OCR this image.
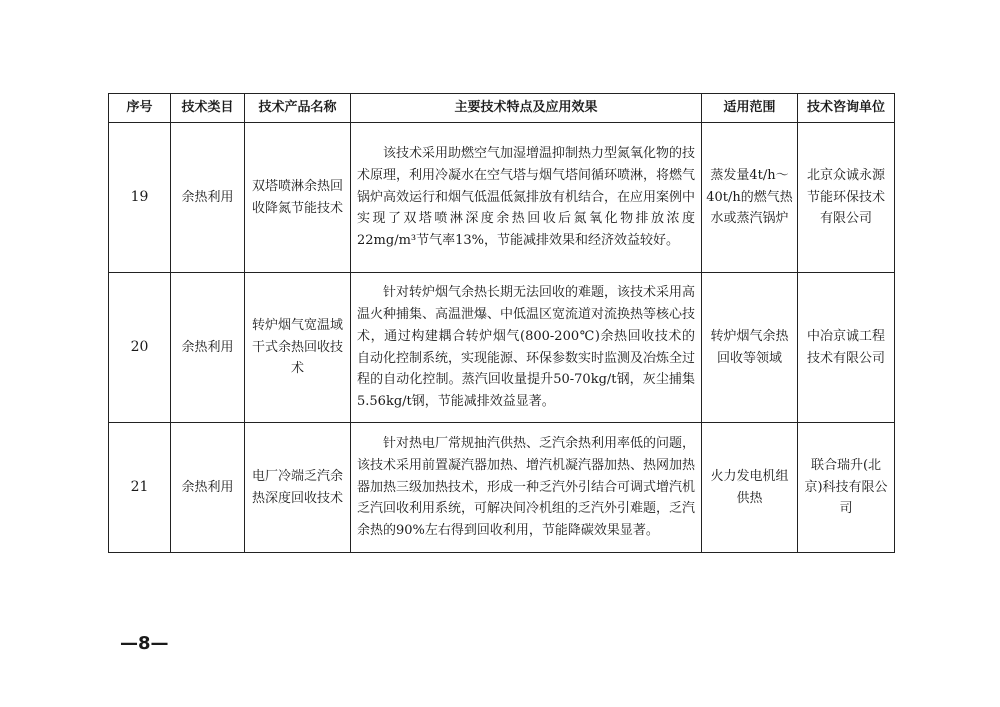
序号	技术类目	技术产品名称	主要技术特点及应用效果	适用范围	技术咨询单位
19	余热利用	双塔喷淋余热回收降氮节能技术	该技术采用助燃空气加湿增温抑制热力型氮氧化物的技术原理，利用冷凝水在空气塔与烟气塔间循环喷淋，将燃气锅炉高效运行和烟气低温低氮排放有机结合，在应用案例中实现了双塔喷淋深度余热回收后氮氧化物排放浓度22mg/m³节气率13%，节能减排效果和经济效益较好。	蒸发量4t/h～40t/h的燃气热水或蒸汽锅炉	北京众诚永源节能环保技术有限公司
20	余热利用	转炉烟气宽温域干式余热回收技术	针对转炉烟气余热长期无法回收的难题，该技术采用高温火种捕集、高温泄爆、中低温区宽流道对流换热等核心技术，通过构建耦合转炉烟气(800-200℃)余热回收技术的自动化控制系统，实现能源、环保参数实时监测及冶炼全过程的自动化控制。蒸汽回收量提升50-70kg/t钢，灰尘捕集5.56kg/t钢，节能减排效益显著。	转炉烟气余热回收等领域	中冶京诚工程技术有限公司
21	余热利用	电厂冷端乏汽余热深度回收技术	针对热电厂常规抽汽供热、乏汽余热利用率低的问题，该技术采用前置凝汽器加热、增汽机凝汽器加热、热网加热器加热三级加热技术，形成一种乏汽外引结合可调式增汽机乏汽回收利用系统，可解决间冷机组的乏汽外引难题，乏汽余热的90%左右得到回收利用，节能降碳效果显著。	火力发电机组供热	联合瑞升(北京)科技有限公司
—8—
